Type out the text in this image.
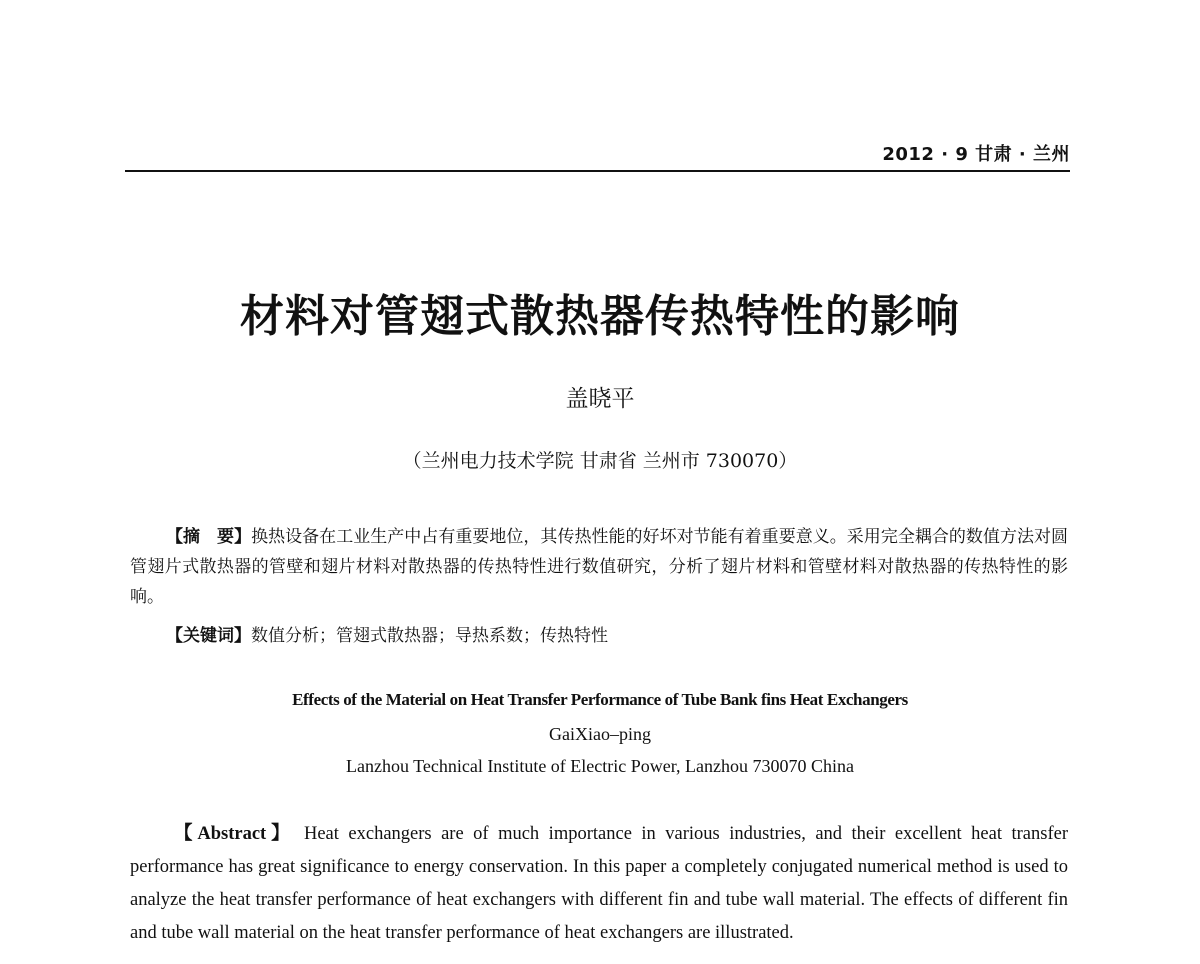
2012 · 9 甘肃 · 兰州
材料对管翅式散热器传热特性的影响
盖晓平
（兰州电力技术学院 甘肃省 兰州市 730070）
【摘　要】换热设备在工业生产中占有重要地位，其传热性能的好坏对节能有着重要意义。采用完全耦合的数值方法对圆管翅片式散热器的管壁和翅片材料对散热器的传热特性进行数值研究，分析了翅片材料和管壁材料对散热器的传热特性的影响。
【关键词】数值分析；管翅式散热器；导热系数；传热特性
Effects of the Material on Heat Transfer Performance of Tube Bank fins Heat Exchangers
GaiXiao–ping
Lanzhou Technical Institute of Electric Power, Lanzhou 730070 China
【Abstract】 Heat exchangers are of much importance in various industries, and their excellent heat transfer performance has great significance to energy conservation. In this paper a completely conjugated numerical method is used to analyze the heat transfer performance of heat exchangers with different fin and tube wall material. The effects of different fin and tube wall material on the heat transfer performance of heat exchangers are illustrated.
